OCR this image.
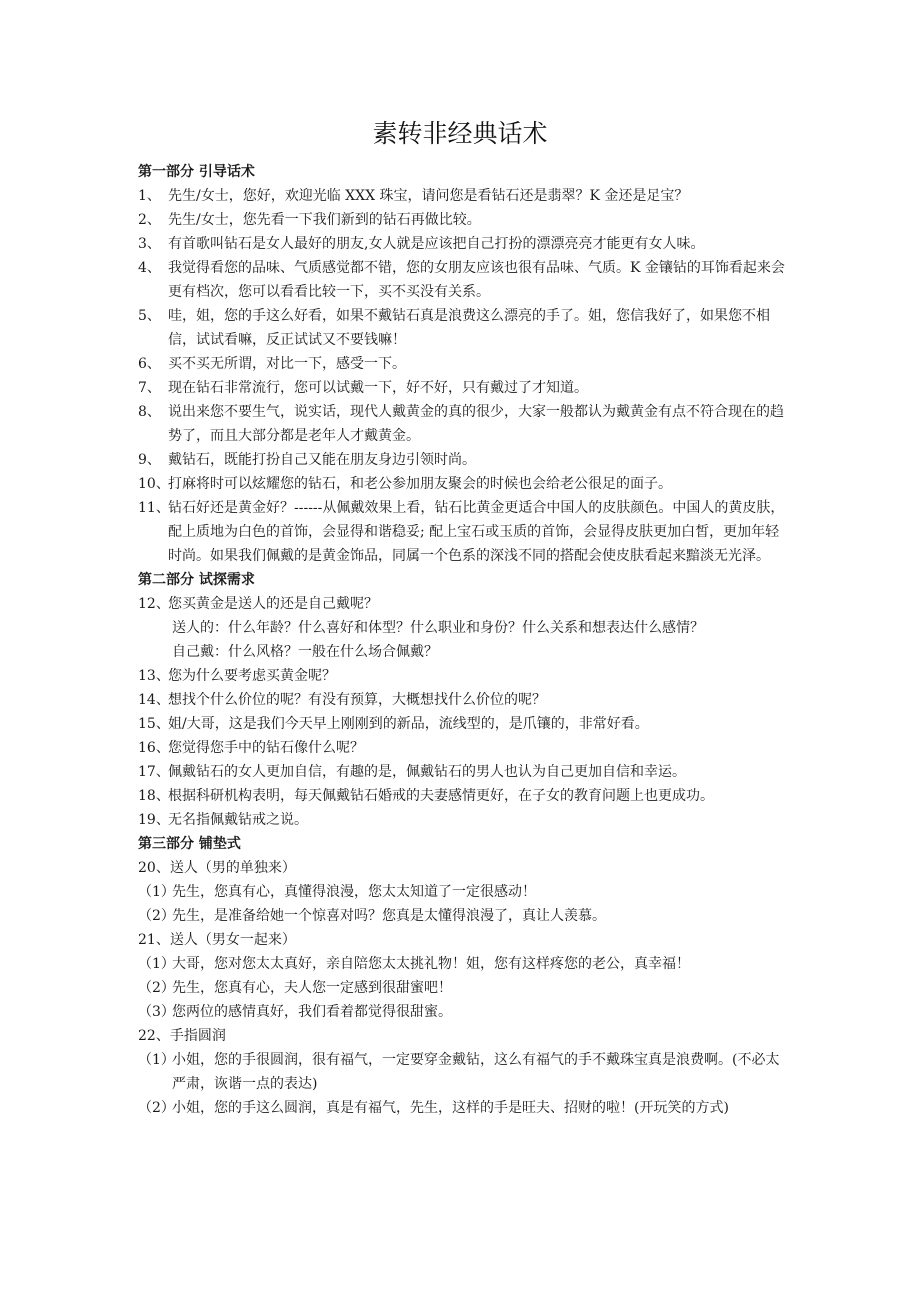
素转非经典话术
第一部分 引导话术

1、 先生/女士，您好，欢迎光临 XXX 珠宝，请问您是看钻石还是翡翠？K 金还是足宝？

2、 先生/女士，您先看一下我们新到的钻石再做比较。

3、 有首歌叫钻石是女人最好的朋友,女人就是应该把自己打扮的漂漂亮亮才能更有女人味。

4、 我觉得看您的品味、气质感觉都不错，您的女朋友应该也很有品味、气质。K 金镶钻的耳饰看起来会更有档次，您可以看看比较一下，买不买没有关系。

5、 哇，姐，您的手这么好看，如果不戴钻石真是浪费这么漂亮的手了。姐，您信我好了，如果您不相信，试试看嘛，反正试试又不要钱嘛！

6、 买不买无所谓，对比一下，感受一下。

7、 现在钻石非常流行，您可以试戴一下，好不好，只有戴过了才知道。

8、 说出来您不要生气，说实话，现代人戴黄金的真的很少，大家一般都认为戴黄金有点不符合现在的趋势了，而且大部分都是老年人才戴黄金。

9、 戴钻石，既能打扮自己又能在朋友身边引领时尚。

10、打麻将时可以炫耀您的钻石，和老公参加朋友聚会的时候也会给老公很足的面子。

11、钻石好还是黄金好？------从佩戴效果上看，钻石比黄金更适合中国人的皮肤颜色。中国人的黄皮肤，配上质地为白色的首饰，会显得和谐稳妥; 配上宝石或玉质的首饰，会显得皮肤更加白皙，更加年轻时尚。如果我们佩戴的是黄金饰品，同属一个色系的深浅不同的搭配会使皮肤看起来黯淡无光泽。

第二部分 试探需求

12、您买黄金是送人的还是自己戴呢？

送人的：什么年龄？什么喜好和体型？什么职业和身份？什么关系和想表达什么感情？
自己戴：什么风格？一般在什么场合佩戴？

13、您为什么要考虑买黄金呢？

14、想找个什么价位的呢？有没有预算，大概想找什么价位的呢？

15、姐/大哥，这是我们今天早上刚刚到的新品，流线型的，是爪镶的，非常好看。

16、您觉得您手中的钻石像什么呢？

17、佩戴钻石的女人更加自信，有趣的是，佩戴钻石的男人也认为自己更加自信和幸运。

18、根据科研机构表明，每天佩戴钻石婚戒的夫妻感情更好，在子女的教育问题上也更成功。

19、无名指佩戴钻戒之说。

第三部分 铺垫式
20、送人（男的单独来）
（1）先生，您真有心，真懂得浪漫，您太太知道了一定很感动！
（2）先生，是准备给她一个惊喜对吗？您真是太懂得浪漫了，真让人羡慕。
21、送人（男女一起来）
（1）大哥，您对您太太真好，亲自陪您太太挑礼物！姐，您有这样疼您的老公，真幸福！
（2）先生，您真有心，夫人您一定感到很甜蜜吧！
（3）您两位的感情真好，我们看着都觉得很甜蜜。
22、手指圆润
（1）小姐，您的手很圆润，很有福气，一定要穿金戴钻，这么有福气的手不戴珠宝真是浪费啊。(不必太严肃，诙谐一点的表达)
（2）小姐，您的手这么圆润，真是有福气，先生，这样的手是旺夫、招财的啦！(开玩笑的方式)
